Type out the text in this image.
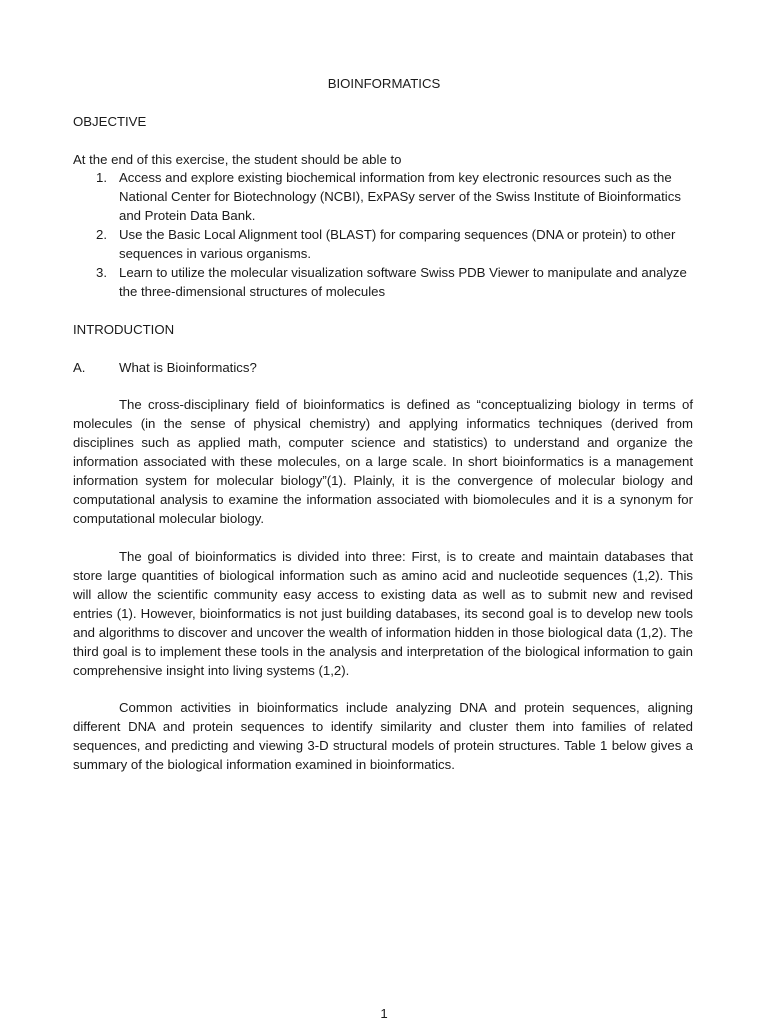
BIOINFORMATICS
OBJECTIVE
At the end of this exercise, the student should be able to
1. Access and explore existing biochemical information from key electronic resources such as the National Center for Biotechnology (NCBI), ExPASy server of the Swiss Institute of Bioinformatics and Protein Data Bank.
2. Use the Basic Local Alignment tool (BLAST) for comparing sequences (DNA or protein) to other sequences in various organisms.
3. Learn to utilize the molecular visualization software Swiss PDB Viewer to manipulate and analyze the three-dimensional structures of molecules
INTRODUCTION
A.	What is Bioinformatics?

The cross-disciplinary field of bioinformatics is defined as “conceptualizing biology in terms of molecules (in the sense of physical chemistry) and applying informatics techniques (derived from disciplines such as applied math, computer science and statistics) to understand and organize the information associated with these molecules, on a large scale. In short bioinformatics is a management information system for molecular biology”(1). Plainly, it is the convergence of molecular biology and computational analysis to examine the information associated with biomolecules and it is a synonym for computational molecular biology.

The goal of bioinformatics is divided into three: First, is to create and maintain databases that store large quantities of biological information such as amino acid and nucleotide sequences (1,2). This will allow the scientific community easy access to existing data as well as to submit new and revised entries (1). However, bioinformatics is not just building databases, its second goal is to develop new tools and algorithms to discover and uncover the wealth of information hidden in those biological data (1,2). The third goal is to implement these tools in the analysis and interpretation of the biological information to gain comprehensive insight into living systems (1,2).

Common activities in bioinformatics include analyzing DNA and protein sequences, aligning different DNA and protein sequences to identify similarity and cluster them into families of related sequences, and predicting and viewing 3-D structural models of protein structures. Table 1 below gives a summary of the biological information examined in bioinformatics.

1
